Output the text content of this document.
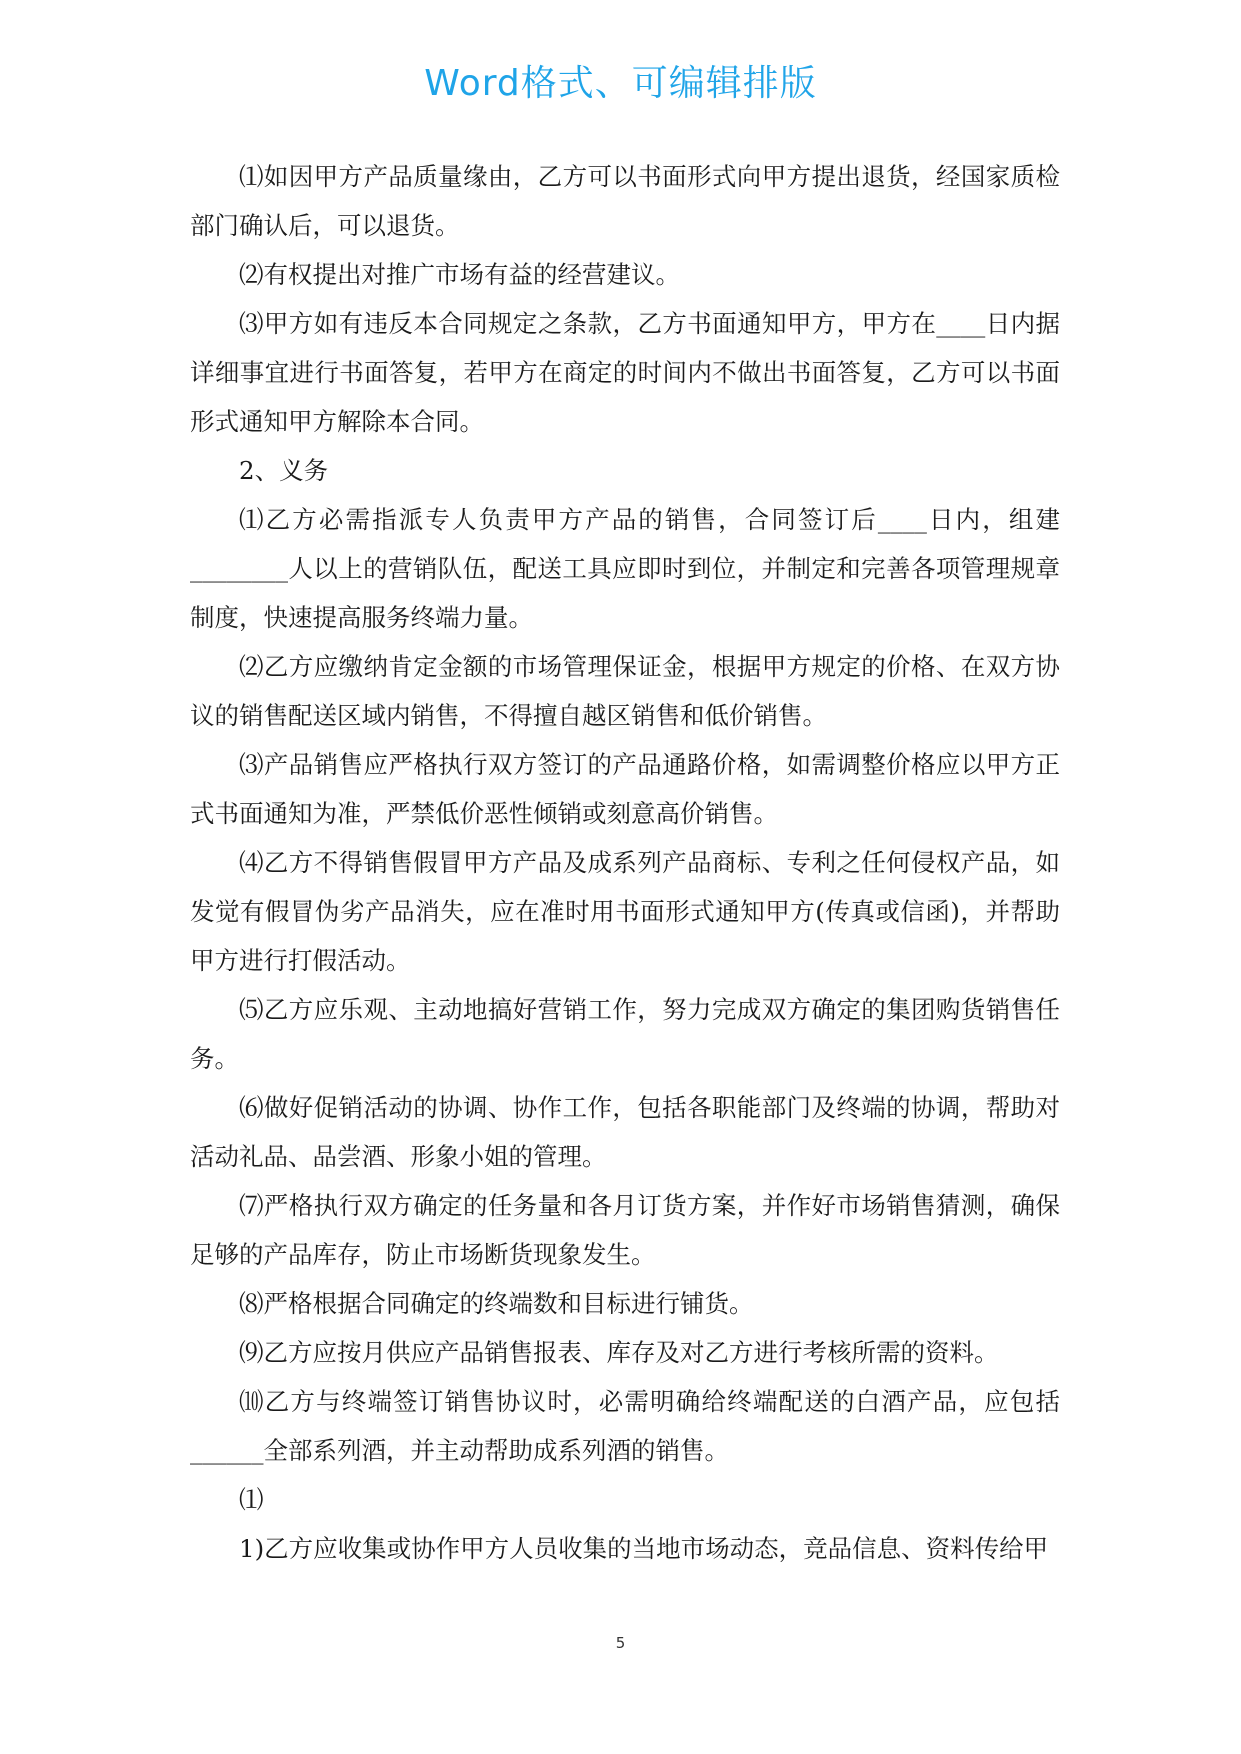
Word格式、可编辑排版

⑴如因甲方产品质量缘由，乙方可以书面形式向甲方提出退货，经国家质检部门确认后，可以退货。

⑵有权提出对推广市场有益的经营建议。

⑶甲方如有违反本合同规定之条款，乙方书面通知甲方，甲方在____日内据详细事宜进行书面答复，若甲方在商定的时间内不做出书面答复，乙方可以书面形式通知甲方解除本合同。

2、义务

⑴乙方必需指派专人负责甲方产品的销售，合同签订后____日内，组建________人以上的营销队伍，配送工具应即时到位，并制定和完善各项管理规章制度，快速提高服务终端力量。

⑵乙方应缴纳肯定金额的市场管理保证金，根据甲方规定的价格、在双方协议的销售配送区域内销售，不得擅自越区销售和低价销售。

⑶产品销售应严格执行双方签订的产品通路价格，如需调整价格应以甲方正式书面通知为准，严禁低价恶性倾销或刻意高价销售。

⑷乙方不得销售假冒甲方产品及成系列产品商标、专利之任何侵权产品，如发觉有假冒伪劣产品消失，应在准时用书面形式通知甲方(传真或信函)，并帮助甲方进行打假活动。

⑸乙方应乐观、主动地搞好营销工作，努力完成双方确定的集团购货销售任务。

⑹做好促销活动的协调、协作工作，包括各职能部门及终端的协调，帮助对活动礼品、品尝酒、形象小姐的管理。

⑺严格执行双方确定的任务量和各月订货方案，并作好市场销售猜测，确保足够的产品库存，防止市场断货现象发生。

⑻严格根据合同确定的终端数和目标进行铺货。

⑼乙方应按月供应产品销售报表、库存及对乙方进行考核所需的资料。

⑽乙方与终端签订销售协议时，必需明确给终端配送的白酒产品，应包括______全部系列酒，并主动帮助成系列酒的销售。

⑴

1)乙方应收集或协作甲方人员收集的当地市场动态，竞品信息、资料传给甲

5
